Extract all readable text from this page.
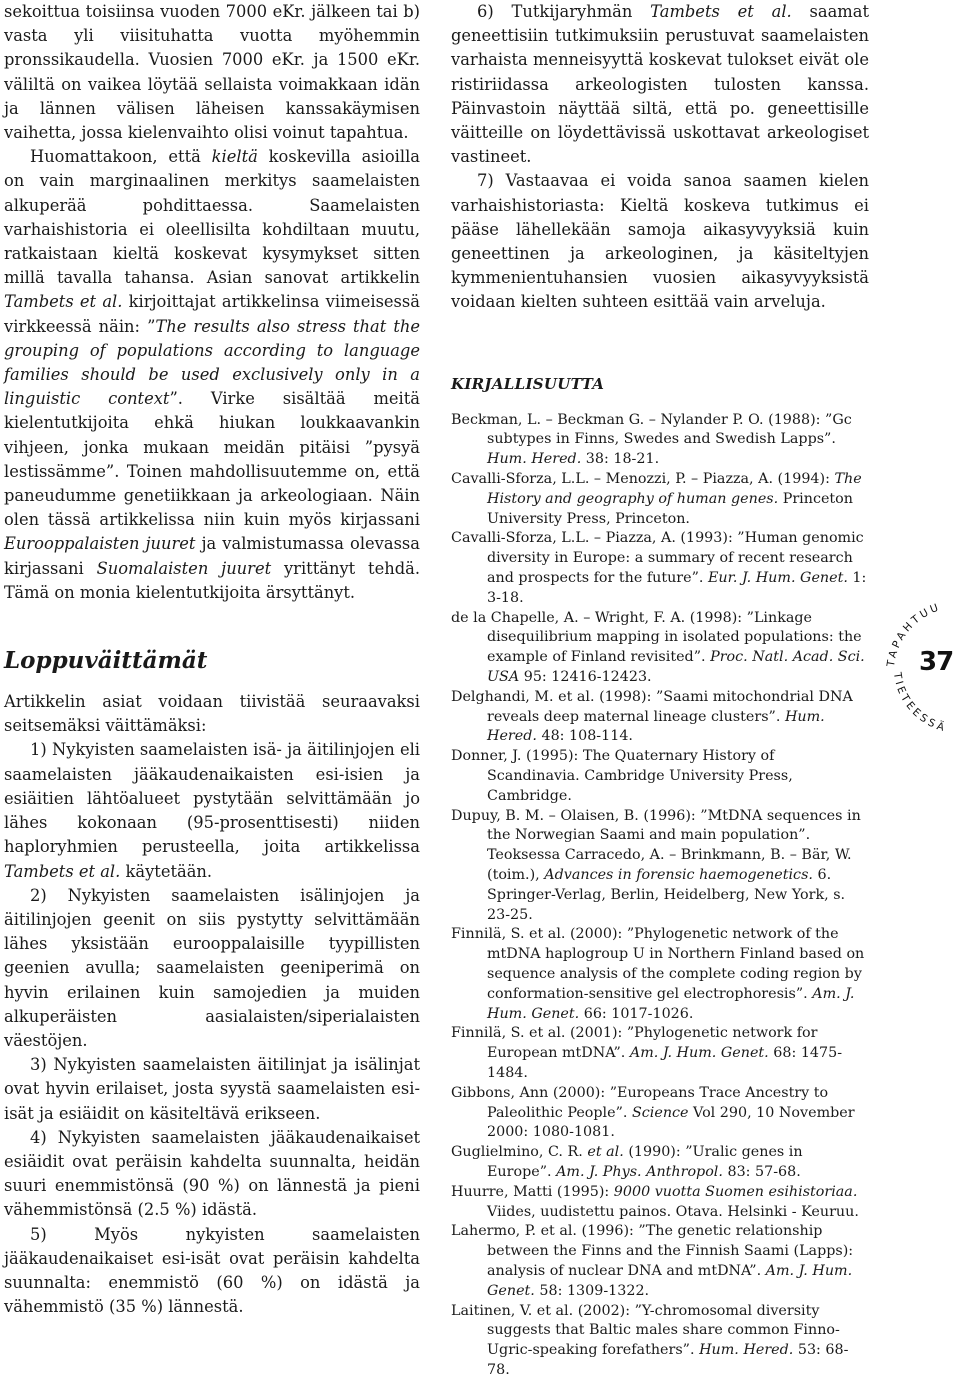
sekoittua toisiinsa vuoden 7000 eKr. jälkeen tai b) vasta yli viisituhatta vuotta myöhemmin pronssikaudella. Vuosien 7000 eKr. ja 1500 eKr. väliltä on vaikea löytää sellaista voimakkaan idän ja lännen välisen läheisen kanssakäymisen vaihetta, jossa kielenvaihto olisi voinut tapahtua.

Huomattakoon, että kieltä koskevilla asioilla on vain marginaalinen merkitys saamelaisten alkuperää pohdittaessa. Saamelaisten varhaishistoria ei oleellisilta kohdiltaan muutu, ratkaistaan kieltä koskevat kysymykset sitten millä tavalla tahansa. Asian sanovat artikkelin Tambets et al. kirjoittajat artikkelinsa viimeisessä virkkeessä näin: ”The results also stress that the grouping of populations according to language families should be used exclusively only in a linguistic context”. Virke sisältää meitä kielentutkijoita ehkä hiukan loukkaavankin vihjeen, jonka mukaan meidän pitäisi ”pysyä lestissämme”. Toinen mahdollisuutemme on, että paneudumme genetiikkaan ja arkeologiaan. Näin olen tässä artikkelissa niin kuin myös kirjassani Eurooppalaisten juuret ja valmistumassa olevassa kirjassani Suomalaisten juuret yrittänyt tehdä. Tämä on monia kielentutkijoita ärsyttänyt.

Loppuväittämät

Artikkelin asiat voidaan tiivistää seuraavaksi seitsemäksi väittämäksi:

1) Nykyisten saamelaisten isä- ja äitilinjojen eli saamelaisten jääkaudenaikaisten esi-isien ja esiäitien lähtöalueet pystytään selvittämään jo lähes kokonaan (95-prosenttisesti) niiden haploryhmien perusteella, joita artikkelissa Tambets et al. käytetään.

2) Nykyisten saamelaisten isälinjojen ja äitilinjojen geenit on siis pystytty selvittämään lähes yksistään eurooppalaisille tyypillisten geenien avulla; saamelaisten geeniperimä on hyvin erilainen kuin samojedien ja muiden alkuperäisten aasialaisten/siperialaisten väestöjen.

3) Nykyisten saamelaisten äitilinjat ja isälinjat ovat hyvin erilaiset, josta syystä saamelaisten esi-isät ja esiäidit on käsiteltävä erikseen.

4) Nykyisten saamelaisten jääkaudenaikaiset esiäidit ovat peräisin kahdelta suunnalta, heidän suuri enemmistönsä (90 %) on lännestä ja pieni vähemmistönsä (2.5 %) idästä.

5) Myös nykyisten saamelaisten jääkaudenaikaiset esi-isät ovat peräisin kahdelta suunnalta: enemmistö (60 %) on idästä ja vähemmistö (35 %) lännestä.

6) Tutkijaryhmän Tambets et al. saamat geneettisiin tutkimuksiin perustuvat saamelaisten varhaista menneisyyttä koskevat tulokset eivät ole ristiriidassa arkeologisten tulosten kanssa. Päinvastoin näyttää siltä, että po. geneettisille väitteille on löydettävissä uskottavat arkeologiset vastineet.

7) Vastaavaa ei voida sanoa saamen kielen varhaishistoriasta: Kieltä koskeva tutkimus ei pääse lähellekään samoja aikasyvyyksiä kuin geneettinen ja arkeologinen, ja käsiteltyjen kymmenientuhansien vuosien aikasyvyyksistä voidaan kielten suhteen esittää vain arveluja.

KIRJALLISUUTTA

Beckman, L. – Beckman G. – Nylander P. O. (1988): ”Gc subtypes in Finns, Swedes and Swedish Lapps”. Hum. Hered. 38: 18-21.

Cavalli-Sforza, L.L. – Menozzi, P. – Piazza, A. (1994): The History and geography of human genes. Princeton University Press, Princeton.

Cavalli-Sforza, L.L. – Piazza, A. (1993): ”Human genomic diversity in Europe: a summary of recent research and prospects for the future”. Eur. J. Hum. Genet. 1: 3-18.

de la Chapelle, A. – Wright, F. A. (1998): ”Linkage disequilibrium mapping in isolated populations: the example of Finland revisited”. Proc. Natl. Acad. Sci. USA 95: 12416-12423.

Delghandi, M. et al. (1998): ”Saami mitochondrial DNA reveals deep maternal lineage clusters”. Hum. Hered. 48: 108-114.

Donner, J. (1995): The Quaternary History of Scandinavia. Cambridge University Press, Cambridge.

Dupuy, B. M. – Olaisen, B. (1996): ”MtDNA sequences in the Norwegian Saami and main population”. Teoksessa Carracedo, A. – Brinkmann, B. – Bär, W. (toim.), Advances in forensic haemogenetics. 6. Springer-Verlag, Berlin, Heidelberg, New York, s. 23-25.

Finnilä, S. et al. (2000): ”Phylogenetic network of the mtDNA haplogroup U in Northern Finland based on sequence analysis of the complete coding region by conformation-sensitive gel electrophoresis”. Am. J. Hum. Genet. 66: 1017-1026.

Finnilä, S. et al. (2001): ”Phylogenetic network for European mtDNA”. Am. J. Hum. Genet. 68: 1475-1484.

Gibbons, Ann (2000): ”Europeans Trace Ancestry to Paleolithic People”. Science Vol 290, 10 November 2000: 1080-1081.

Guglielmino, C. R. et al. (1990): ”Uralic genes in Europe”. Am. J. Phys. Anthropol. 83: 57-68.

Huurre, Matti (1995): 9000 vuotta Suomen esihistoriaa. Viides, uudistettu painos. Otava. Helsinki - Keuruu.

Lahermo, P. et al. (1996): ”The genetic relationship between the Finns and the Finnish Saami (Lapps): analysis of nuclear DNA and mtDNA”. Am. J. Hum. Genet. 58: 1309-1322.

Laitinen, V. et al. (2002): ”Y-chromosomal diversity suggests that Baltic males share common Finno-Ugric-speaking forefathers”. Hum. Hered. 53: 68-78.

TAPAHTUU
TIETEESSÄ
37
